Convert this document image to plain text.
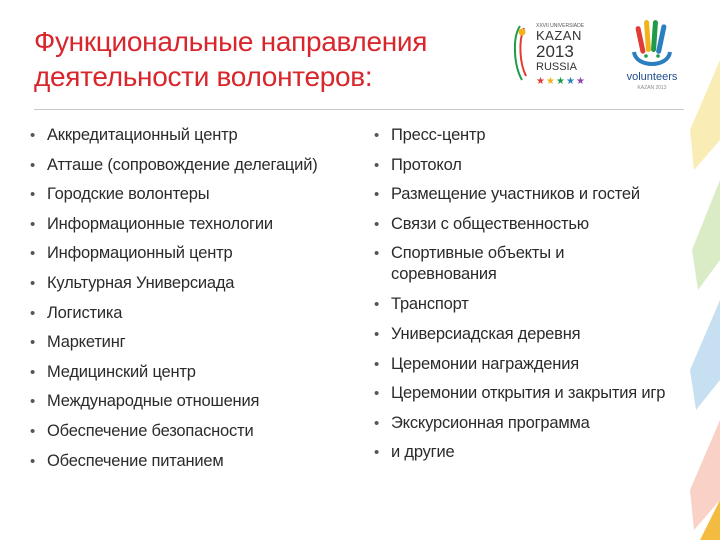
Функциональные направления
деятельности волонтеров:
XXVII UNIVERSIADE
KAZAN
2013
RUSSIA
★ ★ ★ ★ ★	volunteers
KAZAN 2013
• Аккредитационный центр
• Атташе (сопровождение делегаций)
• Городские волонтеры
• Информационные технологии
• Информационный центр
• Культурная Универсиада
• Логистика
• Маркетинг
• Медицинский центр
• Международные отношения
• Обеспечение безопасности
• Обеспечение питанием
• Пресс-центр
• Протокол
• Размещение участников и гостей
• Связи с общественностью
• Спортивные объекты и соревнования
• Транспорт
• Универсиадская деревня
• Церемонии награждения
• Церемонии открытия и закрытия игр
• Экскурсионная программа
• и другие
